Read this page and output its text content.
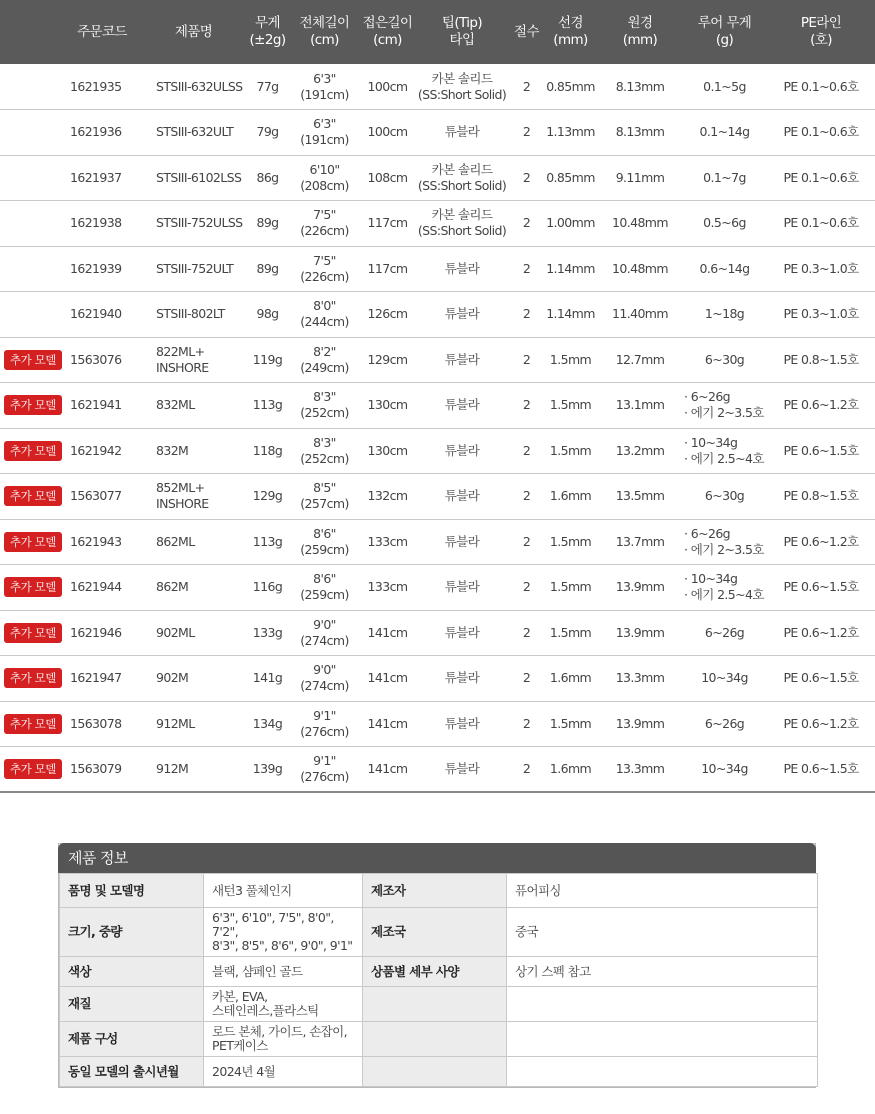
	주문코드	제품명	무게
(±2g)	전체길이
(cm)	접은길이
(cm)	팁(Tip)
타입	절수	선경
(mm)	원경
(mm)	루어 무게
(g)	PE라인
(호)
	1621935	STSIII-632ULSS	77g	6'3"
(191cm)	100cm	카본 솔리드
(SS:Short Solid)	2	0.85mm	8.13mm	0.1~5g	PE 0.1~0.6호
	1621936	STSIII-632ULT	79g	6'3"
(191cm)	100cm	튜블라	2	1.13mm	8.13mm	0.1~14g	PE 0.1~0.6호
	1621937	STSIII-6102LSS	86g	6'10"
(208cm)	108cm	카본 솔리드
(SS:Short Solid)	2	0.85mm	9.11mm	0.1~7g	PE 0.1~0.6호
	1621938	STSIII-752ULSS	89g	7'5"
(226cm)	117cm	카본 솔리드
(SS:Short Solid)	2	1.00mm	10.48mm	0.5~6g	PE 0.1~0.6호
	1621939	STSIII-752ULT	89g	7'5"
(226cm)	117cm	튜블라	2	1.14mm	10.48mm	0.6~14g	PE 0.3~1.0호
	1621940	STSIII-802LT	98g	8'0"
(244cm)	126cm	튜블라	2	1.14mm	11.40mm	1~18g	PE 0.3~1.0호
추가 모델	1563076	822ML+ INSHORE	119g	8'2"
(249cm)	129cm	튜블라	2	1.5mm	12.7mm	6~30g	PE 0.8~1.5호
추가 모델	1621941	832ML	113g	8'3"
(252cm)	130cm	튜블라	2	1.5mm	13.1mm	· 6~26g
· 에기 2~3.5호	PE 0.6~1.2호
추가 모델	1621942	832M	118g	8'3"
(252cm)	130cm	튜블라	2	1.5mm	13.2mm	· 10~34g
· 에기 2.5~4호	PE 0.6~1.5호
추가 모델	1563077	852ML+ INSHORE	129g	8'5"
(257cm)	132cm	튜블라	2	1.6mm	13.5mm	6~30g	PE 0.8~1.5호
추가 모델	1621943	862ML	113g	8'6"
(259cm)	133cm	튜블라	2	1.5mm	13.7mm	· 6~26g
· 에기 2~3.5호	PE 0.6~1.2호
추가 모델	1621944	862M	116g	8'6"
(259cm)	133cm	튜블라	2	1.5mm	13.9mm	· 10~34g
· 에기 2.5~4호	PE 0.6~1.5호
추가 모델	1621946	902ML	133g	9'0"
(274cm)	141cm	튜블라	2	1.5mm	13.9mm	6~26g	PE 0.6~1.2호
추가 모델	1621947	902M	141g	9'0"
(274cm)	141cm	튜블라	2	1.6mm	13.3mm	10~34g	PE 0.6~1.5호
추가 모델	1563078	912ML	134g	9'1"
(276cm)	141cm	튜블라	2	1.5mm	13.9mm	6~26g	PE 0.6~1.2호
추가 모델	1563079	912M	139g	9'1"
(276cm)	141cm	튜블라	2	1.6mm	13.3mm	10~34g	PE 0.6~1.5호
제품 정보
품명 및 모델명	새턴3 풀체인지	제조자	퓨어피싱
크기, 중량	6'3", 6'10", 7'5", 8'0", 7'2",
8'3", 8'5", 8'6", 9'0", 9'1"	제조국	중국
색상	블랙, 샴페인 골드	상품별 세부 사양	상기 스펙 참고
재질	카본, EVA,
스테인레스,플라스틱		
제품 구성	로드 본체, 가이드, 손잡이,
PET케이스		
동일 모델의 출시년월	2024년 4월		
